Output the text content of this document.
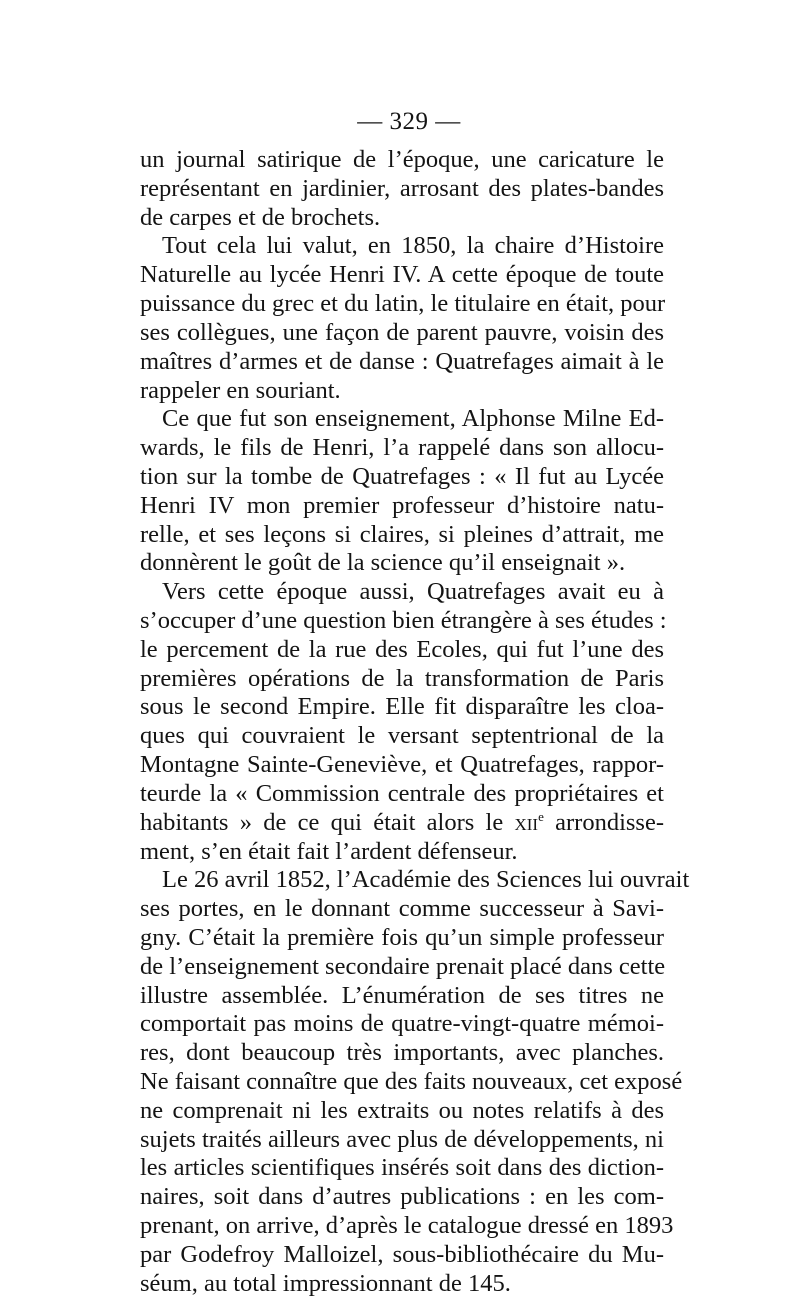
— 329 —
un journal satirique de l’époque, une caricature le
représentant en jardinier, arrosant des plates-bandes
de carpes et de brochets.
Tout cela lui valut, en 1850, la chaire d’Histoire
Naturelle au lycée Henri IV. A cette époque de toute
puissance du grec et du latin, le titulaire en était, pour
ses collègues, une façon de parent pauvre, voisin des
maîtres d’armes et de danse : Quatrefages aimait à le
rappeler en souriant.
Ce que fut son enseignement, Alphonse Milne Ed-
wards, le fils de Henri, l’a rappelé dans son allocu-
tion sur la tombe de Quatrefages : « Il fut au Lycée
Henri IV mon premier professeur d’histoire natu-
relle, et ses leçons si claires, si pleines d’attrait, me
donnèrent le goût de la science qu’il enseignait ».
Vers cette époque aussi, Quatrefages avait eu à
s’occuper d’une question bien étrangère à ses études :
le percement de la rue des Ecoles, qui fut l’une des
premières opérations de la transformation de Paris
sous le second Empire. Elle fit disparaître les cloa-
ques qui couvraient le versant septentrional de la
Montagne Sainte-Geneviève, et Quatrefages, rappor-
teurde la « Commission centrale des propriétaires et
habitants » de ce qui était alors le xii$^e$ arrondisse-
ment, s’en était fait l’ardent défenseur.
Le 26 avril 1852, l’Académie des Sciences lui ouvrait
ses portes, en le donnant comme successeur à Savi-
gny. C’était la première fois qu’un simple professeur
de l’enseignement secondaire prenait placé dans cette
illustre assemblée. L’énumération de ses titres ne
comportait pas moins de quatre-vingt-quatre mémoi-
res, dont beaucoup très importants, avec planches.
Ne faisant connaître que des faits nouveaux, cet exposé
ne comprenait ni les extraits ou notes relatifs à des
sujets traités ailleurs avec plus de développements, ni
les articles scientifiques insérés soit dans des diction-
naires, soit dans d’autres publications : en les com-
prenant, on arrive, d’après le catalogue dressé en 1893
par Godefroy Malloizel, sous-bibliothécaire du Mu-
séum, au total impressionnant de 145.
